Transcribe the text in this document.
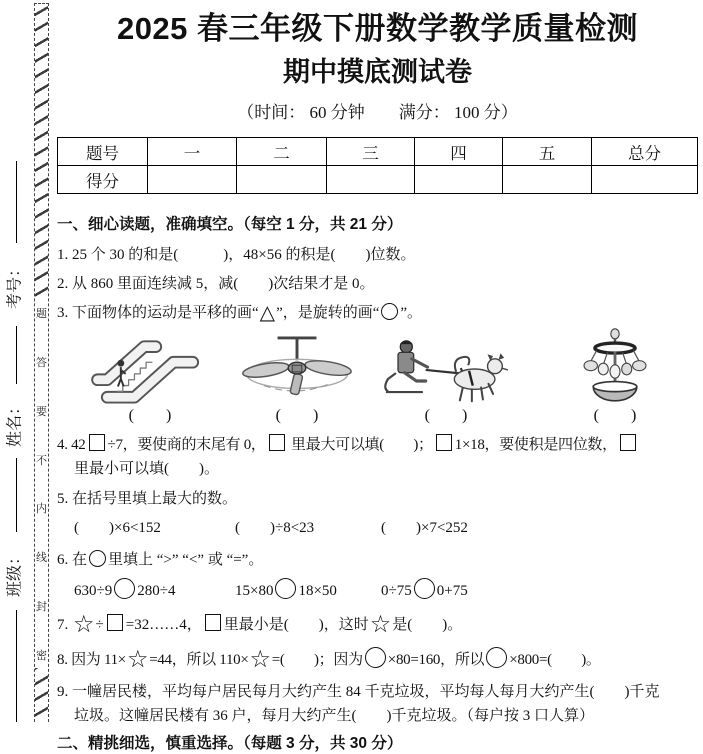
考号：
姓名：
班级：
题
答
要
不
内
线
封
密
2025 春三年级下册数学教学质量检测
期中摸底测试卷
（时间： 60 分钟　　满分： 100 分）
题号	一	二	三	四	五	总分
得分						
一、细心读题，准确填空。（每空 1 分，共 21 分）
1. 25 个 30 的和是(　　　)，48×56 的积是(　　)位数。
2. 从 860 里面连续减 5，减(　　)次结果才是 0。
3. 下面物体的运动是平移的画“△”，是旋转的画“ ”。
(　　)	(　　)	(　　)	(　　)
4. 42 ÷7，要使商的末尾有 0， 里最大可以填(　　)； 1×18，要使积是四位数，
里最小可以填(　　)。
5. 在括号里填上最大的数。
(　　)×6<152	(　　)÷8<23	(　　)×7<252
6. 在 里填上 “>” “<” 或 “=”。
630÷9 280÷4	15×80 18×50	0÷75 0+75
7. ☆÷ =32……4， 里最小是(　　)，这时☆是(　　)。
8. 因为 11×☆=44，所以 110×☆=(　　)；因为 ×80=160，所以 ×800=(　　)。
9. 一幢居民楼，平均每户居民每月大约产生 84 千克垃圾，平均每人每月大约产生(　　)千克
垃圾。这幢居民楼有 36 户，每月大约产生(　　)千克垃圾。（每户按 3 口人算）
二、精挑细选，慎重选择。（每题 3 分，共 30 分）
